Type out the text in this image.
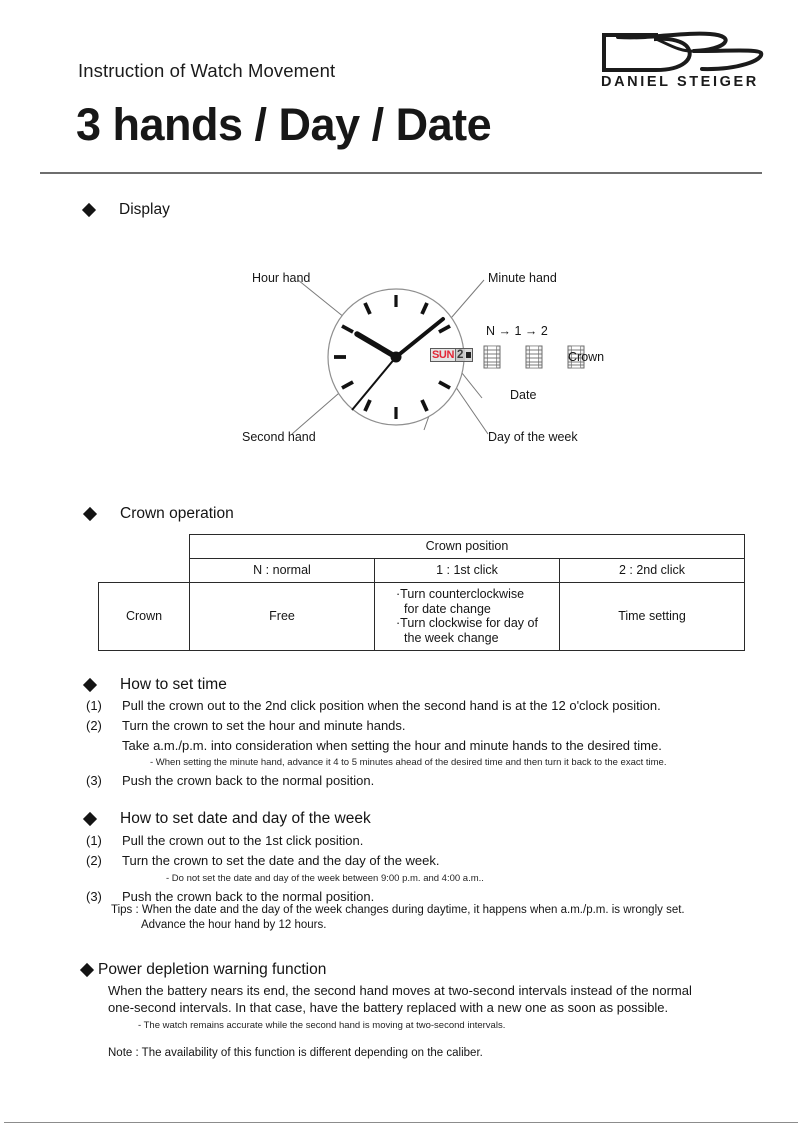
Instruction of Watch Movement
3 hands / Day / Date
DANIEL STEIGER
Display
SUN 2
N → 1 → 2
Hour hand	Minute hand
Second hand	Day of the week
Date
Crown
Crown operation
	Crown position		
	N : normal	1 : 1st click	2 : 2nd click
Crown	Free	·Turn counterclockwise
for date change
·Turn clockwise for day of
the week change	Time setting
How to set time
(1)	Pull the crown out to the 2nd click position when the second hand is at the 12 o'clock position.
(2)	Turn the crown to set the hour and minute hands.
Take a.m./p.m. into consideration when setting the hour and minute hands to the desired time.
- When setting the minute hand, advance it 4 to 5 minutes ahead of the desired time and then turn it back to the exact time.
(3)	Push the crown back to the normal position.
How to set date and day of the week
(1)	Pull the crown out to the 1st click position.
(2)	Turn the crown to set the date and the day of the week.
- Do not set the date and day of the week between 9:00 p.m. and 4:00 a.m..
(3)	Push the crown back to the normal position.
Tips : When the date and the day of the week changes during daytime, it happens when a.m./p.m. is wrongly set.
Advance the hour hand by 12 hours.
Power depletion warning function
When the battery nears its end, the second hand moves at two-second intervals instead of the normal
one-second intervals. In that case, have the battery replaced with a new one as soon as possible.
- The watch remains accurate while the second hand is moving at two-second intervals.
Note : The availability of this function is different depending on the caliber.
